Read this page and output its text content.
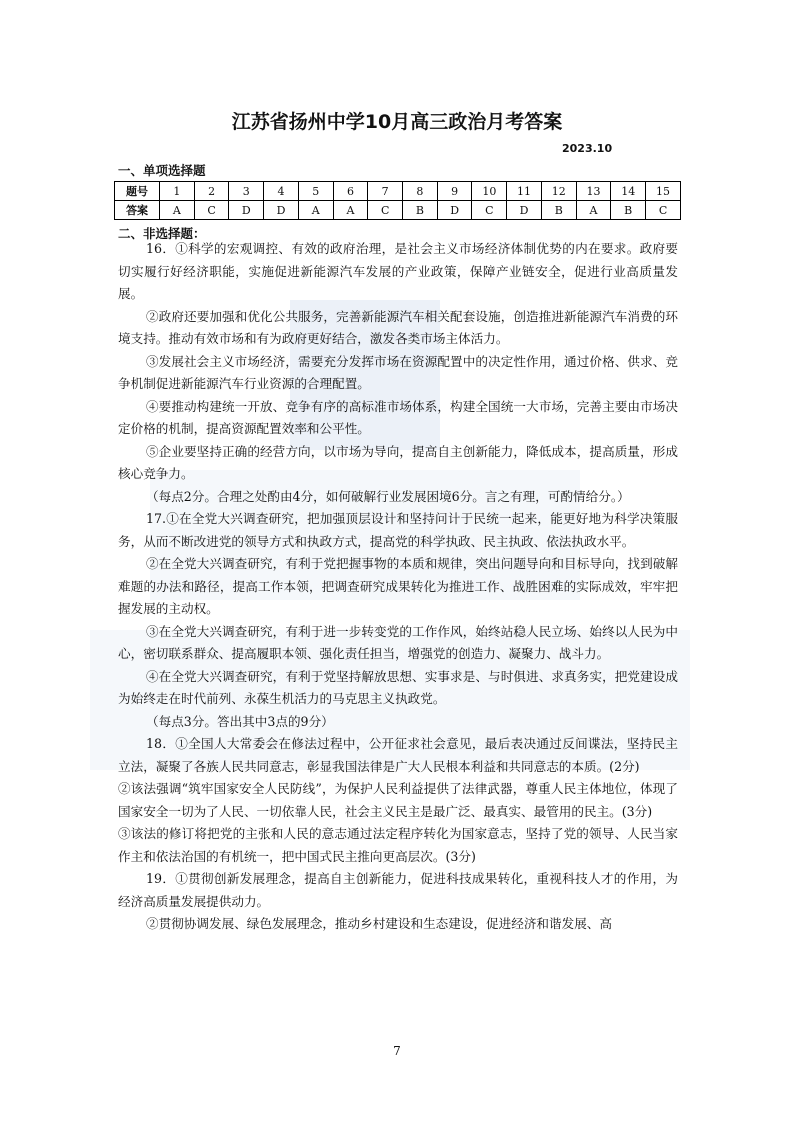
江苏省扬州中学10月高三政治月考答案
2023.10
一、单项选择题
题号	1	2	3	4	5	6	7	8	9	10	11	12	13	14	15
答案	A	C	D	D	A	A	C	B	D	C	D	B	A	B	C
二、非选择题：

16．①科学的宏观调控、有效的政府治理，是社会主义市场经济体制优势的内在要求。政府要切实履行好经济职能，实施促进新能源汽车发展的产业政策，保障产业链安全，促进行业高质量发展。

②政府还要加强和优化公共服务，完善新能源汽车相关配套设施，创造推进新能源汽车消费的环境支持。推动有效市场和有为政府更好结合，激发各类市场主体活力。

③发展社会主义市场经济，需要充分发挥市场在资源配置中的决定性作用，通过价格、供求、竞争机制促进新能源汽车行业资源的合理配置。

④要推动构建统一开放、竞争有序的高标准市场体系，构建全国统一大市场，完善主要由市场决定价格的机制，提高资源配置效率和公平性。

⑤企业要坚持正确的经营方向，以市场为导向，提高自主创新能力，降低成本，提高质量，形成核心竞争力。

（每点2分。合理之处酌由4分，如何破解行业发展困境6分。言之有理，可酌情给分。）

17.①在全党大兴调查研究，把加强顶层设计和坚持问计于民统一起来，能更好地为科学决策服务，从而不断改进党的领导方式和执政方式，提高党的科学执政、民主执政、依法执政水平。

②在全党大兴调查研究，有利于党把握事物的本质和规律，突出问题导向和目标导向，找到破解难题的办法和路径，提高工作本领，把调查研究成果转化为推进工作、战胜困难的实际成效，牢牢把握发展的主动权。

③在全党大兴调查研究，有利于进一步转变党的工作作风，始终站稳人民立场、始终以人民为中心，密切联系群众、提高履职本领、强化责任担当，增强党的创造力、凝聚力、战斗力。

④在全党大兴调查研究，有利于党坚持解放思想、实事求是、与时俱进、求真务实，把党建设成为始终走在时代前列、永葆生机活力的马克思主义执政党。

（每点3分。答出其中3点的9分）

18．①全国人大常委会在修法过程中，公开征求社会意见，最后表决通过反间谍法，坚持民主立法，凝聚了各族人民共同意志，彰显我国法律是广大人民根本利益和共同意志的本质。(2分)

②该法强调“筑牢国家安全人民防线”，为保护人民利益提供了法律武器，尊重人民主体地位，体现了国家安全一切为了人民、一切依靠人民，社会主义民主是最广泛、最真实、最管用的民主。(3分)

③该法的修订将把党的主张和人民的意志通过法定程序转化为国家意志，坚持了党的领导、人民当家作主和依法治国的有机统一，把中国式民主推向更高层次。(3分)

19．①贯彻创新发展理念，提高自主创新能力，促进科技成果转化，重视科技人才的作用，为经济高质量发展提供动力。

②贯彻协调发展、绿色发展理念，推动乡村建设和生态建设，促进经济和谐发展、高

7
